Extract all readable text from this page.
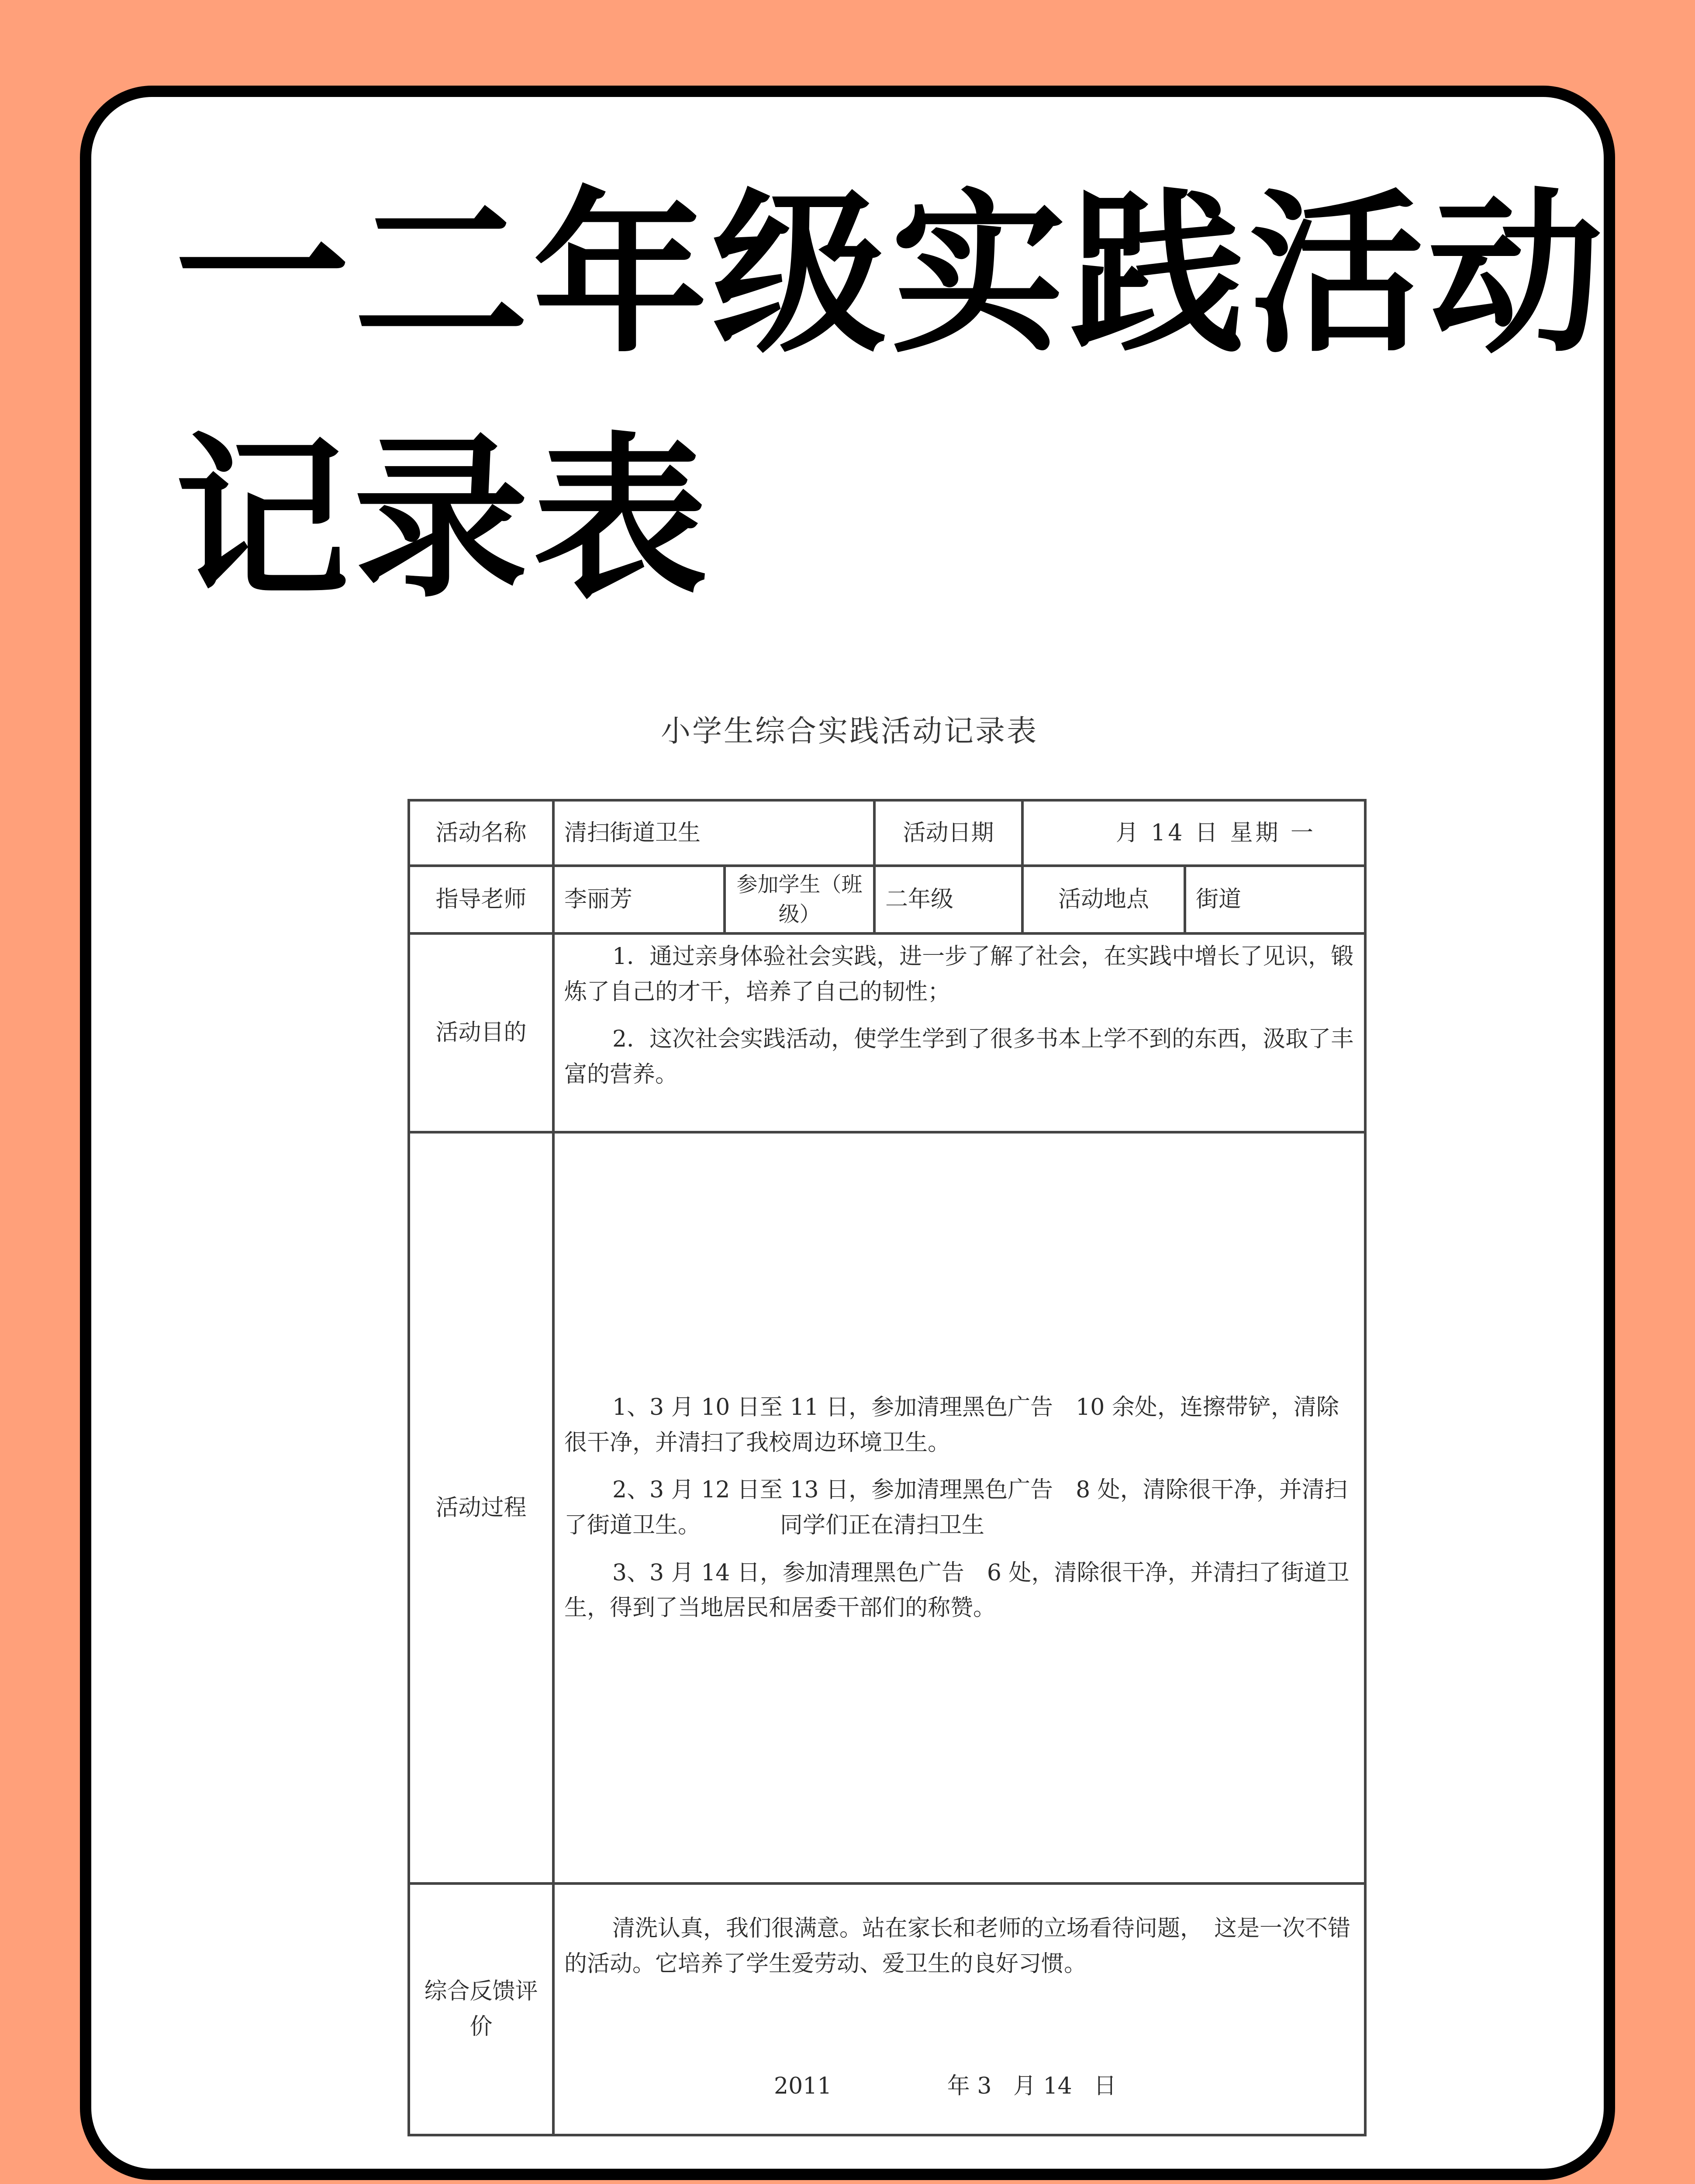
一二年级实践活动
记录表
小学生综合实践活动记录表
活动名称	清扫街道卫生		活动日期	月 14 日 星期 一	
指导老师	李丽芳	参加学生（班级）	二年级	活动地点	街道
活动目的	1．通过亲身体验社会实践，进一步了解了社会，在实践中增长了见识，锻炼了自己的才干，培养了自己的韧性；

2．这次社会实践活动，使学生学到了很多书本上学不到的东西，汲取了丰富的营养。				

活动过程	1、3 月 10 日至 11 日，参加清理黑色广告　10 余处，连擦带铲，清除很干净，并清扫了我校周边环境卫生。

2、3 月 12 日至 13 日，参加清理黑色广告　8 处，清除很干净，并清扫了街道卫生。　　　　同学们正在清扫卫生

3、3 月 14 日，参加清理黑色广告　6 处，清除很干净，并清扫了街道卫生，得到了当地居民和居委干部们的称赞。				

综合反馈评价	清洗认真，我们很满意。站在家长和老师的立场看待问题，　这是一次不错的活动。它培养了学生爱劳动、爱卫生的良好习惯。

2011                年 3   月 14   日				
